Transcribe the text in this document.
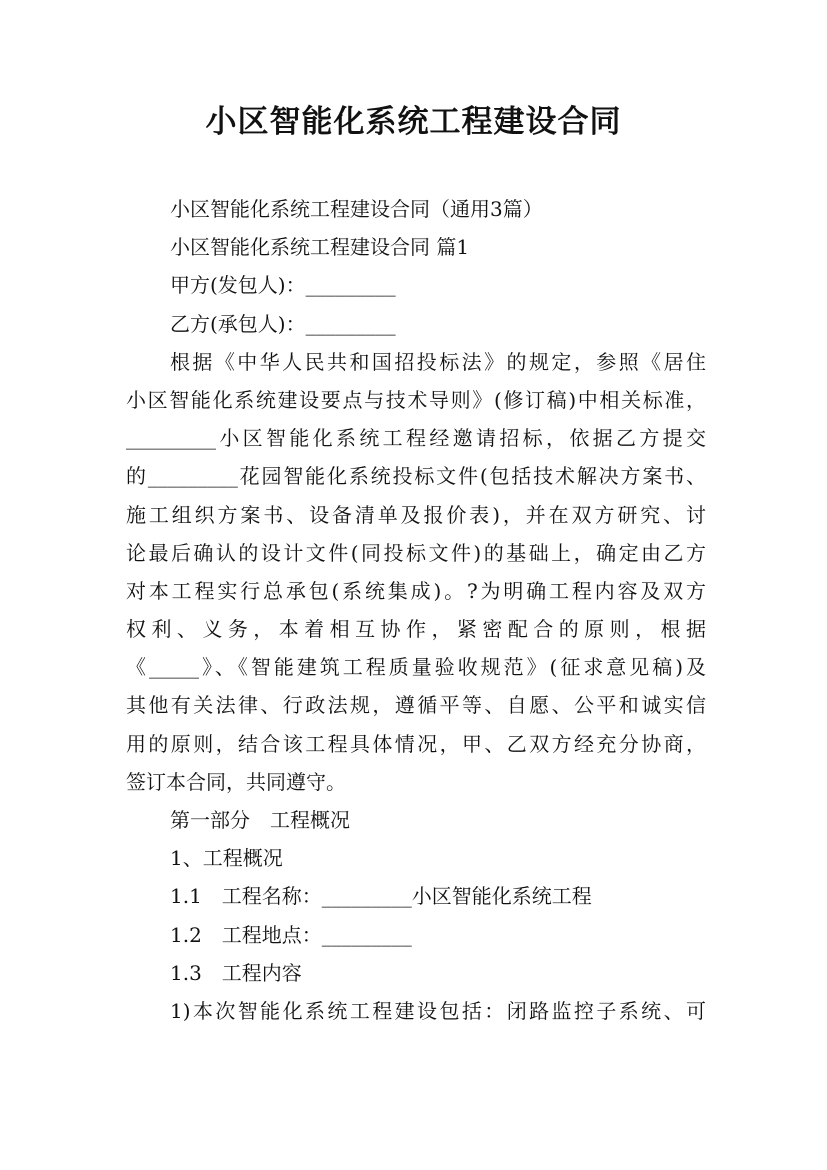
小区智能化系统工程建设合同

小区智能化系统工程建设合同（通用3篇）

小区智能化系统工程建设合同 篇1

甲方(发包人)：_________

乙方(承包人)：_________

根据《中华人民共和国招投标法》的规定，参照《居住

小区智能化系统建设要点与技术导则》(修订稿)中相关标准，

_________小区智能化系统工程经邀请招标，依据乙方提交

的_________花园智能化系统投标文件(包括技术解决方案书、

施工组织方案书、设备清单及报价表)，并在双方研究、讨

论最后确认的设计文件(同投标文件)的基础上，确定由乙方

对本工程实行总承包(系统集成)。?为明确工程内容及双方

权利、义务，本着相互协作，紧密配合的原则，根据

《_____》、《智能建筑工程质量验收规范》(征求意见稿)及

其他有关法律、行政法规，遵循平等、自愿、公平和诚实信

用的原则，结合该工程具体情况，甲、乙双方经充分协商，

签订本合同，共同遵守。

第一部分　工程概况

1、工程概况

1.1　工程名称：_________小区智能化系统工程

1.2　工程地点：_________

1.3　工程内容

1)本次智能化系统工程建设包括：闭路监控子系统、可
